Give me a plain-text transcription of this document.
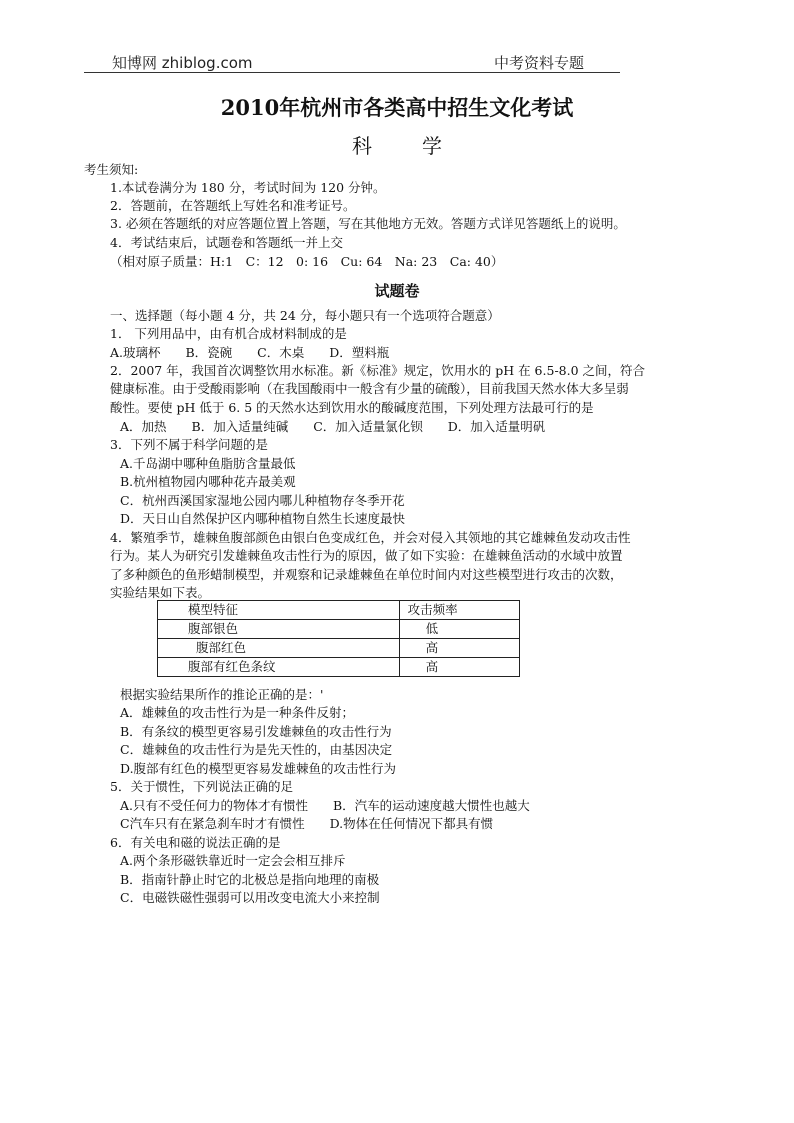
知博网 zhiblog.com	中考资料专题
2010年杭州市各类高中招生文化考试
科学
考生须知:
1.本试卷满分为 180 分，考试时间为 120 分钟。
2．答题前，在答题纸上写姓名和准考证号。
3. 必须在答题纸的对应答题位置上答题，写在其他地方无效。答题方式详见答题纸上的说明。
4．考试结束后，试题卷和答题纸一并上交
（相对原子质量：H:1　C：12　0: 16　Cu: 64　Na: 23　Ca: 40）
试题卷
一、选择题（每小题 4 分，共 24 分，每小题只有一个选项符合题意）
1． 下列用品中，由有机合成材料制成的是
A.玻璃杯　　B．瓷碗　　C．木桌　　D．塑料瓶
2．2007 年，我国首次调整饮用水标准。新《标准》规定，饮用水的 pH 在 6.5-8.0 之间，符合
健康标准。由于受酸雨影响（在我国酸雨中一般含有少量的硫酸），目前我国天然水体大多呈弱
酸性。要使 pH 低于 6. 5 的天然水达到饮用水的酸碱度范围，下列处理方法最可行的是
A．加热　　B．加入适量纯碱　　C．加入适量氯化钡　　D．加入适量明矾
3．下列不属于科学问题的是
A.千岛湖中哪种鱼脂肪含量最低
B.杭州植物园内哪种花卉最美观
C．杭州西溪国家湿地公园内哪儿种植物存冬季开花
D．天日山自然保护区内哪种植物自然生长速度最快
4．繁殖季节，雄棘鱼腹部颜色由银白色变成红色，并会对侵入其领地的其它雄棘鱼发动攻击性
行为。某人为研究引发雄棘鱼攻击性行为的原因，做了如下实验：在雄棘鱼活动的水域中放置
了多种颜色的鱼形蜡制模型，并观察和记录雄棘鱼在单位时间内对这些模型进行攻击的次数，
实验结果如下表。
模型特征	攻击频率
腹部银色	低
腹部红色	高
腹部有红色条纹	高
根据实验结果所作的推论正确的是：'
A．雄棘鱼的攻击性行为是一种条件反射；
B．有条纹的模型更容易引发雄棘鱼的攻击性行为
C．雄棘鱼的攻击性行为是先天性的，由基因决定
D.腹部有红色的模型更容易发雄棘鱼的攻击性行为
5．关于惯性，下列说法正确的足
A.只有不受任何力的物体才有惯性　　B．汽车的运动速度越大惯性也越大
C汽车只有在紧急刹车时才有惯性　　D.物体在任何情况下都具有惯
6．有关电和磁的说法正确的是
A.两个条形磁铁靠近时一定会会相互排斥
B．指南针静止时它的北极总是指向地理的南极
C．电磁铁磁性强弱可以用改变电流大小来控制
